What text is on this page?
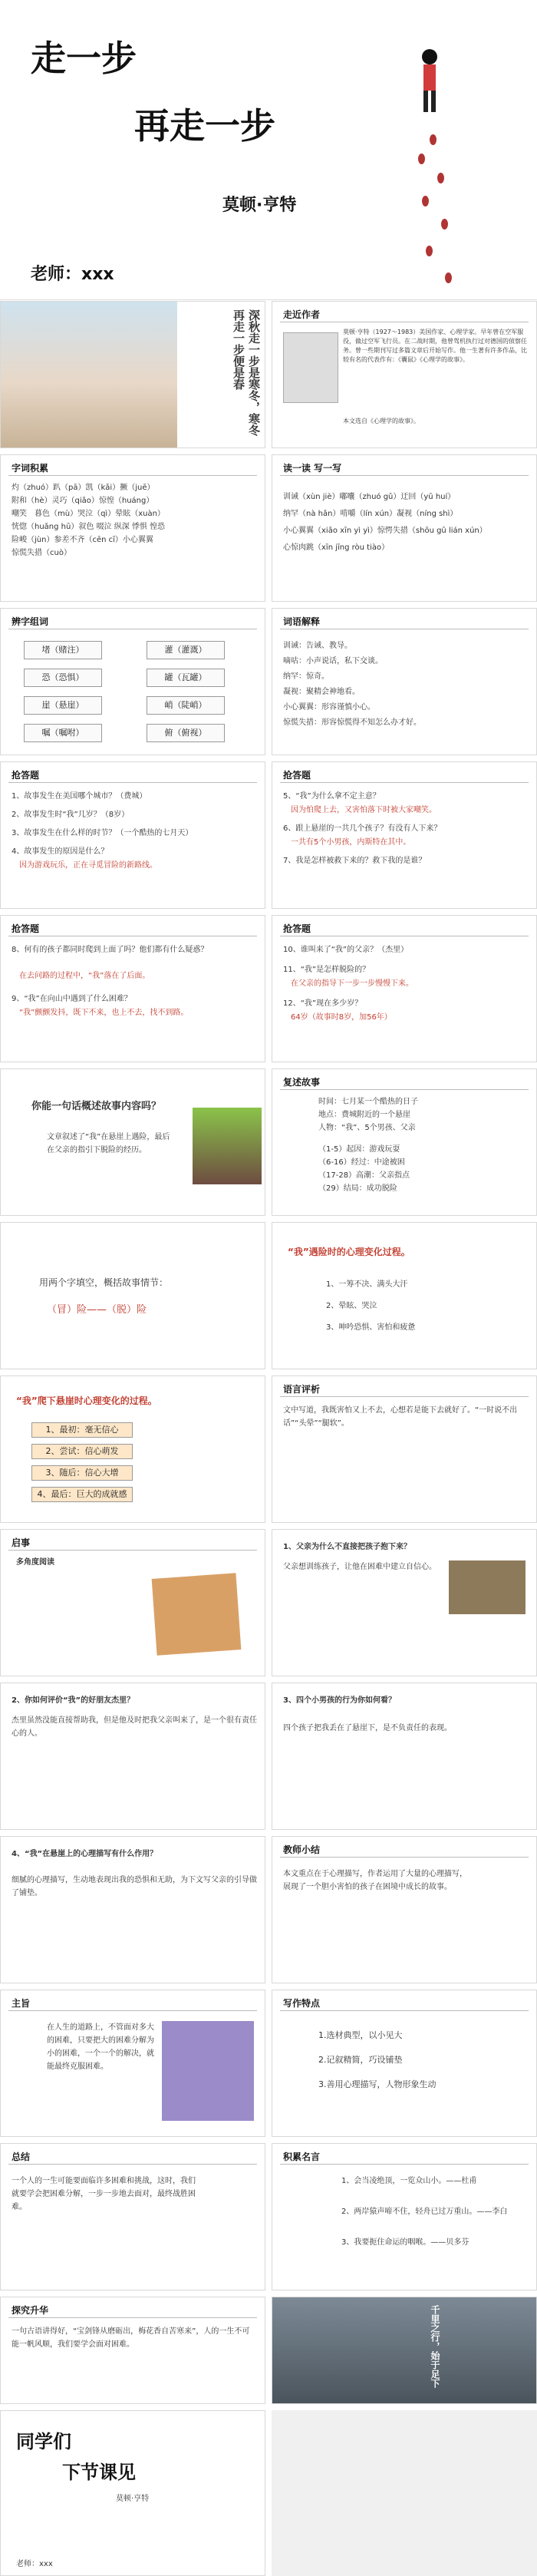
走一步
再走一步
莫顿·亨特
老师：xxx
深秋走一步是寒冬，寒冬再走一步便是春	走近作者
莫顿·亨特（1927～1983）美国作家、心理学家。早年曾在空军服役，做过空军飞行员。在二战时期，他曾驾机执行过对德国的侦察任务。曾一些期刊写过多篇文章后开始写作。他一生著有许多作品，比较有名的代表作有：《囊鼠》《心理学的故事》。
本文选自《心理学的故事》。
字词积累
灼（zhuó）趴（pā）凯（kǎi）撅（juē）
附和（hè）灵巧（qiǎo）惊惶（huáng）
嘲笑　暮色（mù）哭泣（qì）晕眩（xuàn）
恍惚（huǎng hū）叙色 啜泣 纵深 悸惧 惶恐
险峻（jùn）参差不齐（cēn cī）小心翼翼
惊慌失措（cuò）
读一读 写一写
训诫（xùn jiè）嘟囔（zhuó gǔ）迂回（yū huí）
纳罕（nà hǎn）啃嚼（lín xún）凝视（níng shì）
小心翼翼（xiǎo xīn yì yì）惊愕失措（shōu gū lián xún）
心惊肉跳（xīn jīng ròu tiào）
辨字组词
堵（赌注）	灌（灌溉）
恐（恐惧）	罐（瓦罐）
崖（悬崖）	峭（陡峭）
嘱（嘱咐）	俯（俯视）
词语解释
训诫：告诫、教导。
嘀咕：小声说话，私下交谈。
纳罕：惊奇。
凝视：聚精会神地看。
小心翼翼：形容谨慎小心。
惊慌失措：形容惊慌得不知怎么办才好。
抢答题
1、故事发生在美国哪个城市？（费城）
2、故事发生时“我”几岁？（8岁）
3、故事发生在什么样的时节？（一个酷热的七月天）
4、故事发生的原因是什么？
因为游戏玩乐，正在寻觅冒险的新路线。
抢答题
5、“我”为什么拿不定主意？
因为怕爬上去，又害怕落下时被大家嘲笑。
6、跟上悬崖的一共几个孩子？有没有人下来？
一共有5个小男孩，内斯特在其中。
7、我是怎样被救下来的？救下我的是谁？
抢答题
8、何有的孩子都同时爬到上面了吗？他们都有什么疑惑？
在去问路的过程中，“我”落在了后面。
9、“我”在向山中遇到了什么困难？
“我”颤颤发抖，既下不来，也上不去，找不到路。
抢答题
10、谁叫来了“我”的父亲？（杰里）
11、“我”是怎样脱险的？
在父亲的指导下一步一步慢慢下来。
12、“我”现在多少岁？
64岁（故事时8岁，加56年）
你能一句话概述故事内容吗？
文章叙述了“我”在悬崖上遇险，最后在父亲的指引下脱险的经历。
复述故事
时间：七月某一个酷热的日子
地点：费城附近的一个悬崖
人物：“我”、5个男孩、父亲
（1-5）起因：游戏玩耍
（6-16）经过：中途被困
（17-28）高潮：父亲指点
（29）结局：成功脱险
用两个字填空，概括故事情节：
（冒）险——（脱）险
“我”遇险时的心理变化过程。
1、一筹不决、满头大汗
2、晕眩、哭泣
3、呻吟恐惧、害怕和疲惫
“我”爬下悬崖时心理变化的过程。
1、最初：毫无信心
2、尝试：信心萌发
3、随后：信心大增
4、最后：巨大的成就感
语言评析
文中写道，我既害怕又上不去，心想若是能下去就好了。“一时说不出话”“头晕”“腿软”。
启事
多角度阅读
1、父亲为什么不直接把孩子抱下来？
父亲想训练孩子，让他在困难中建立自信心。
2、你如何评价“我”的好朋友杰里？
杰里虽然没能直接帮助我，但是他及时把我父亲叫来了，是一个很有责任心的人。
3、四个小男孩的行为你如何看？
四个孩子把我丢在了悬崖下，是不负责任的表现。
4、“我”在悬崖上的心理描写有什么作用？
细腻的心理描写，生动地表现出我的恐惧和无助，为下文写父亲的引导做了铺垫。
教师小结
本文重点在于心理描写，作者运用了大量的心理描写，展现了一个胆小害怕的孩子在困境中成长的故事。
主旨
在人生的道路上，不管面对多大的困难，只要把大的困难分解为小的困难，一个一个的解决，就能最终克服困难。
写作特点
1.选材典型，以小见大
2.记叙精简，巧设铺垫
3.善用心理描写，人物形象生动
总结
一个人的一生可能要面临许多困难和挑战，这时，我们就要学会把困难分解，一步一步地去面对，最终战胜困难。
积累名言
1、会当凌绝顶，一览众山小。——杜甫
2、两岸猿声啼不住，轻舟已过万重山。——李白
3、我要扼住命运的咽喉。——贝多芬
探究升华
一句古语讲得好，“宝剑锋从磨砺出，梅花香自苦寒来”，人的一生不可能一帆风顺，我们要学会面对困难。	千里之行，始于足下
同学们
下节课见
莫顿·亨特
老师：xxx
